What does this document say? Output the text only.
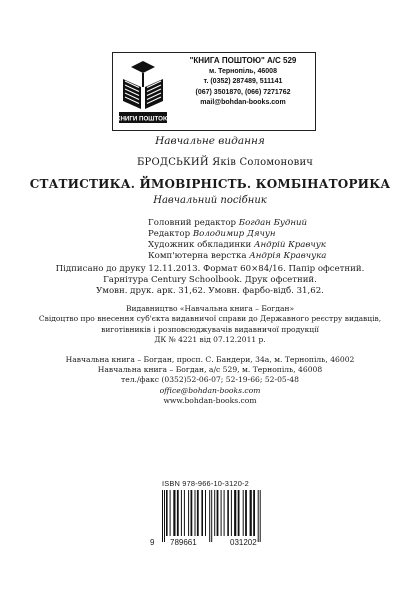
КНИГИ ПОШТОЮ
"КНИГА ПОШТОЮ" А/С 529
м. Тернопіль, 46008
т. (0352) 287489, 511141
(067) 3501870, (066) 7271762
mail@bohdan-books.com
Навчальне видання
БРОДСЬКИЙ Яків Соломонович
СТАТИСТИКА. ЙМОВІРНІСТЬ. КОМБІНАТОРИКА
Навчальний посібник
Головний редактор Богдан Будний
Редактор Володимир Дячун
Художник обкладинки Андрій Кравчук
Комп'ютерна верстка Андрія Кравчука
Підписано до друку 12.11.2013. Формат 60×84/16. Папір офсетний.
Гарнітура Century Schoolbook. Друк офсетний.
Умовн. друк. арк. 31,62. Умовн. фарбо-відб. 31,62.
Видавництво «Навчальна книга – Богдан»
Свідоцтво про внесення суб'єкта видавничої справи до Державного реєстру видавців,
виготівників і розповсюджувачів видавничої продукції
ДК № 4221 від 07.12.2011 р.
Навчальна книга – Богдан, просп. С. Бандери, 34а, м. Тернопіль, 46002
Навчальна книга – Богдан, а/с 529, м. Тернопіль, 46008
тел./факс (0352)52-06-07; 52-19-66; 52-05-48
office@bohdan-books.com
www.bohdan-books.com
ISBN 978-966-10-3120-2
9 789661	031202
